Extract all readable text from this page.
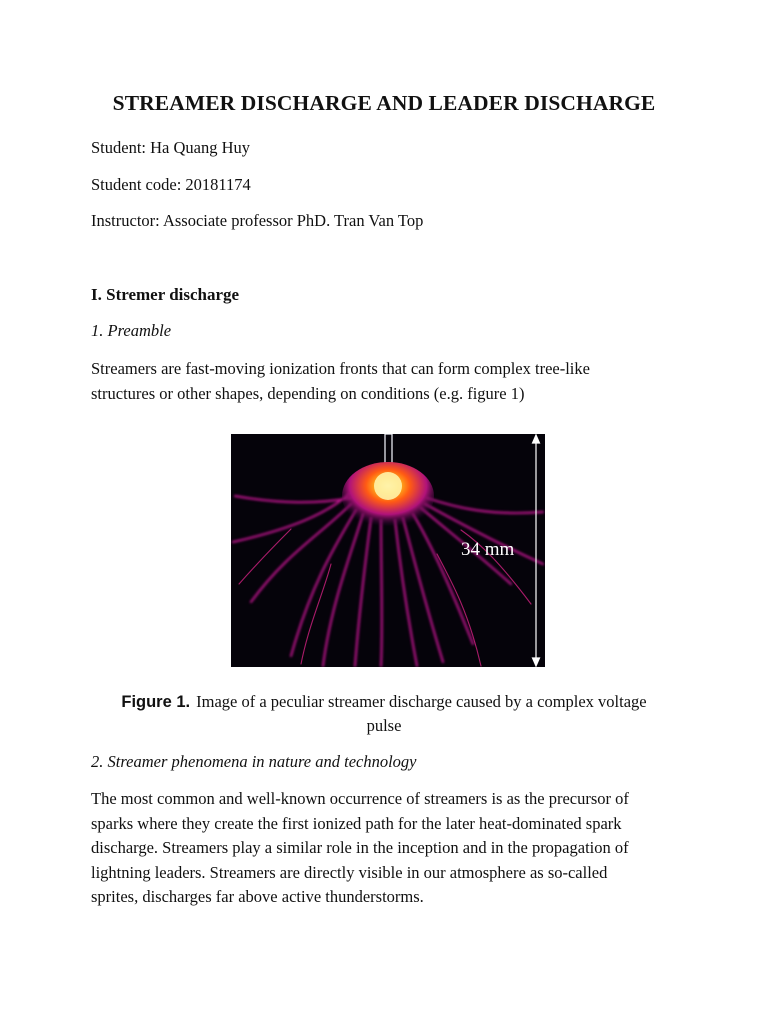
STREAMER DISCHARGE AND LEADER DISCHARGE
Student: Ha Quang Huy
Student code: 20181174
Instructor: Associate professor PhD. Tran Van Top
I. Stremer discharge
1. Preamble
Streamers are fast-moving ionization fronts that can form complex tree-like
structures or other shapes, depending on conditions (e.g. figure 1)
34 mm
Figure 1. Image of a peculiar streamer discharge caused by a complex voltage
pulse
2. Streamer phenomena in nature and technology
The most common and well-known occurrence of streamers is as the precursor of
sparks where they create the first ionized path for the later heat-dominated spark
discharge. Streamers play a similar role in the inception and in the propagation of
lightning leaders. Streamers are directly visible in our atmosphere as so-called
sprites, discharges far above active thunderstorms.
